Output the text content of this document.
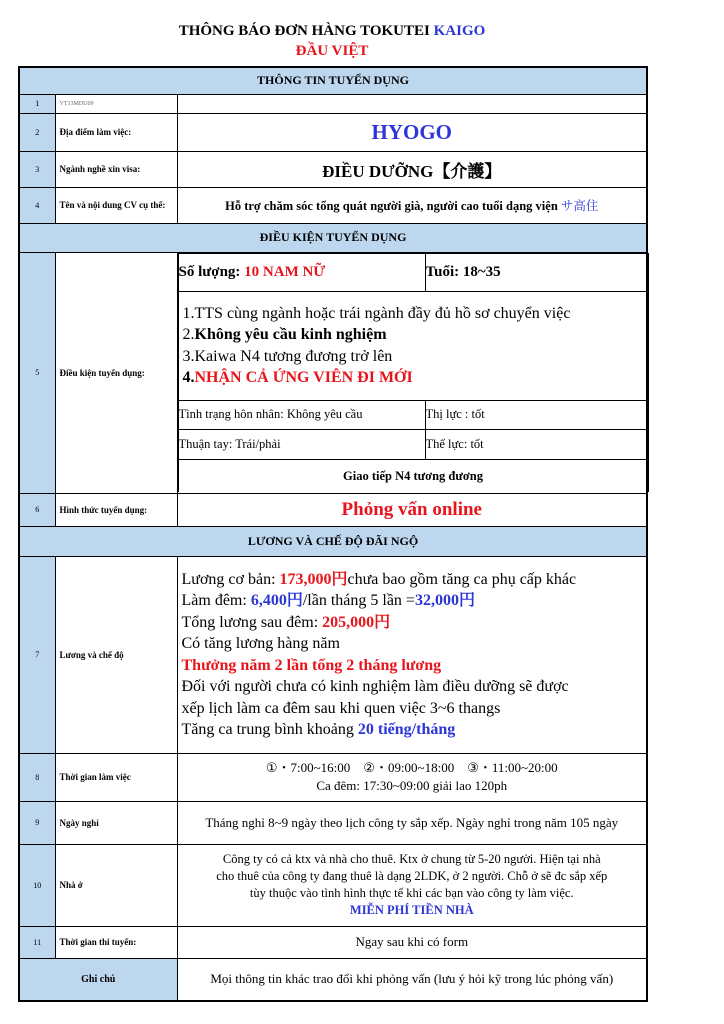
THÔNG BÁO ĐƠN HÀNG TOKUTEI KAIGO
ĐẦU VIỆT
THÔNG TIN TUYỂN DỤNG
1	VT13MDU09	
2	Địa điểm làm việc:	HYOGO
3	Ngành nghề xin visa:	ĐIỀU DƯỠNG【介護】
4	Tên và nội dung CV cụ thể:	Hỗ trợ chăm sóc tổng quát người già, người cao tuổi dạng viện サ高住
ĐIỀU KIỆN TUYỂN DỤNG
5	Điều kiện tuyển dụng:	
Số lượng: 10 NAM NỮ	Tuổi: 18~35

1.TTS cùng ngành hoặc trái ngành đầy đủ hồ sơ chuyển việc
2.Không yêu cầu kinh nghiệm
3.Kaiwa N4 tương đương trở lên
4.NHẬN CẢ ỨNG VIÊN ĐI MỚI

Tình trạng hôn nhân: Không yêu cầu	Thị lực : tốt
Thuận tay: Trái/phải	Thể lực: tốt
Giao tiếp N4 tương đương

6	Hình thức tuyển dụng:	Phỏng vấn online
LƯƠNG VÀ CHẾ ĐỘ ĐÃI NGỘ
7	Lương và chế độ	
Lương cơ bản: 173,000円chưa bao gồm tăng ca phụ cấp khác
Làm đêm: 6,400円/lần tháng 5 lần =32,000円
Tổng lương sau đêm: 205,000円
Có tăng lương hàng năm
Thưởng năm 2 lần tổng 2 tháng lương
Đối với người chưa có kinh nghiệm làm điều dưỡng sẽ được
xếp lịch làm ca đêm sau khi quen việc 3~6 thangs
Tăng ca trung bình khoảng 20 tiếng/tháng

8	Thời gian làm việc	
①・7:00~16:00　②・09:00~18:00　③・11:00~20:00
Ca đêm: 17:30~09:00 giải lao 120ph

9	Ngày nghỉ	Tháng nghỉ 8~9 ngày theo lịch công ty sắp xếp. Ngày nghỉ trong năm 105 ngày
10	Nhà ở	
Công ty có cả ktx và nhà cho thuê. Ktx ở chung từ 5-20 người. Hiện tại nhà
cho thuê của công ty đang thuê là dạng 2LDK, ở 2 người. Chỗ ở sẽ đc sắp xếp
tùy thuộc vào tình hình thực tế khi các bạn vào công ty làm việc.
MIỄN PHÍ TIỀN NHÀ

11	Thời gian thi tuyển:	Ngay sau khi có form
Ghi chú	Mọi thông tin khác trao đổi khi phỏng vấn (lưu ý hỏi kỹ trong lúc phỏng vấn)
